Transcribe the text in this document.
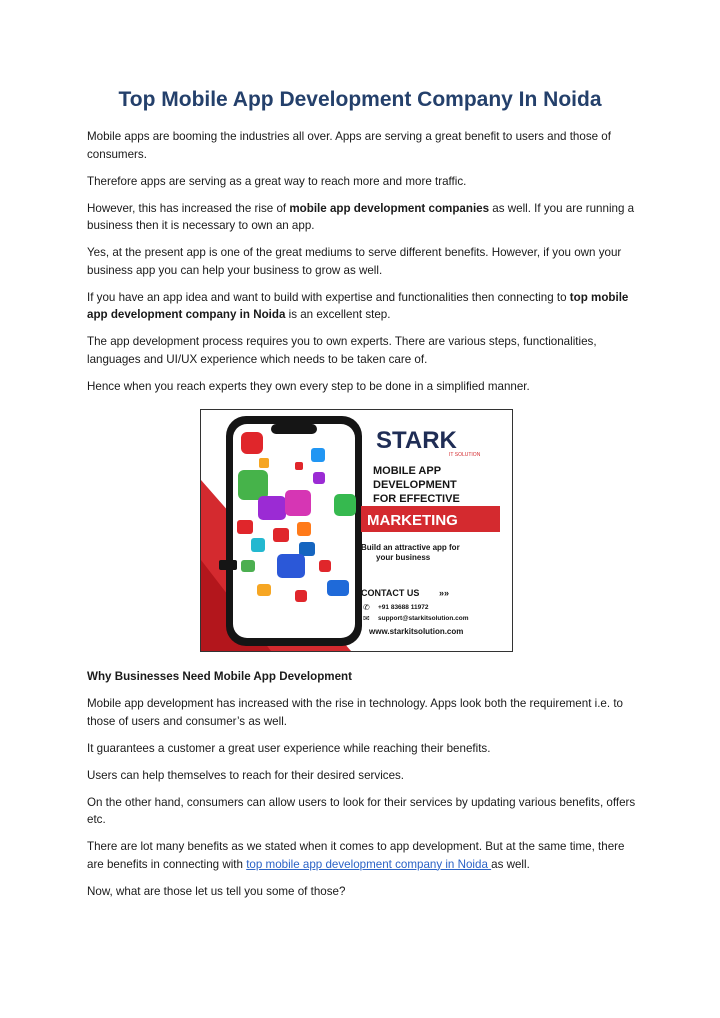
Top Mobile App Development Company In Noida

Mobile apps are booming the industries all over. Apps are serving a great benefit to users and those of consumers.

Therefore apps are serving as a great way to reach more and more traffic.

However, this has increased the rise of mobile app development companies as well. If you are running a business then it is necessary to own an app.

Yes, at the present app is one of the great mediums to serve different benefits. However, if you own your business app you can help your business to grow as well.

If you have an app idea and want to build with expertise and functionalities then connecting to top mobile app development company in Noida is an excellent step.

The app development process requires you to own experts. There are various steps, functionalities, languages and UI/UX experience which needs to be taken care of.

Hence when you reach experts they own every step to be done in a simplified manner.

STARK
IT SOLUTION
MOBILE APP
DEVELOPMENT
FOR EFFECTIVE
MARKETING
Build an attractive app for
your business
CONTACT US »»
✆ +91 83688 11972
✉ support@starkitsolution.com
www.starkitsolution.com

Why Businesses Need Mobile App Development

Mobile app development has increased with the rise in technology. Apps look both the requirement i.e. to those of users and consumer’s as well.

It guarantees a customer a great user experience while reaching their benefits.

Users can help themselves to reach for their desired services.

On the other hand, consumers can allow users to look for their services by updating various benefits, offers etc.

There are lot many benefits as we stated when it comes to app development. But at the same time, there are benefits in connecting with top mobile app development company in Noida as well.

Now, what are those let us tell you some of those?
